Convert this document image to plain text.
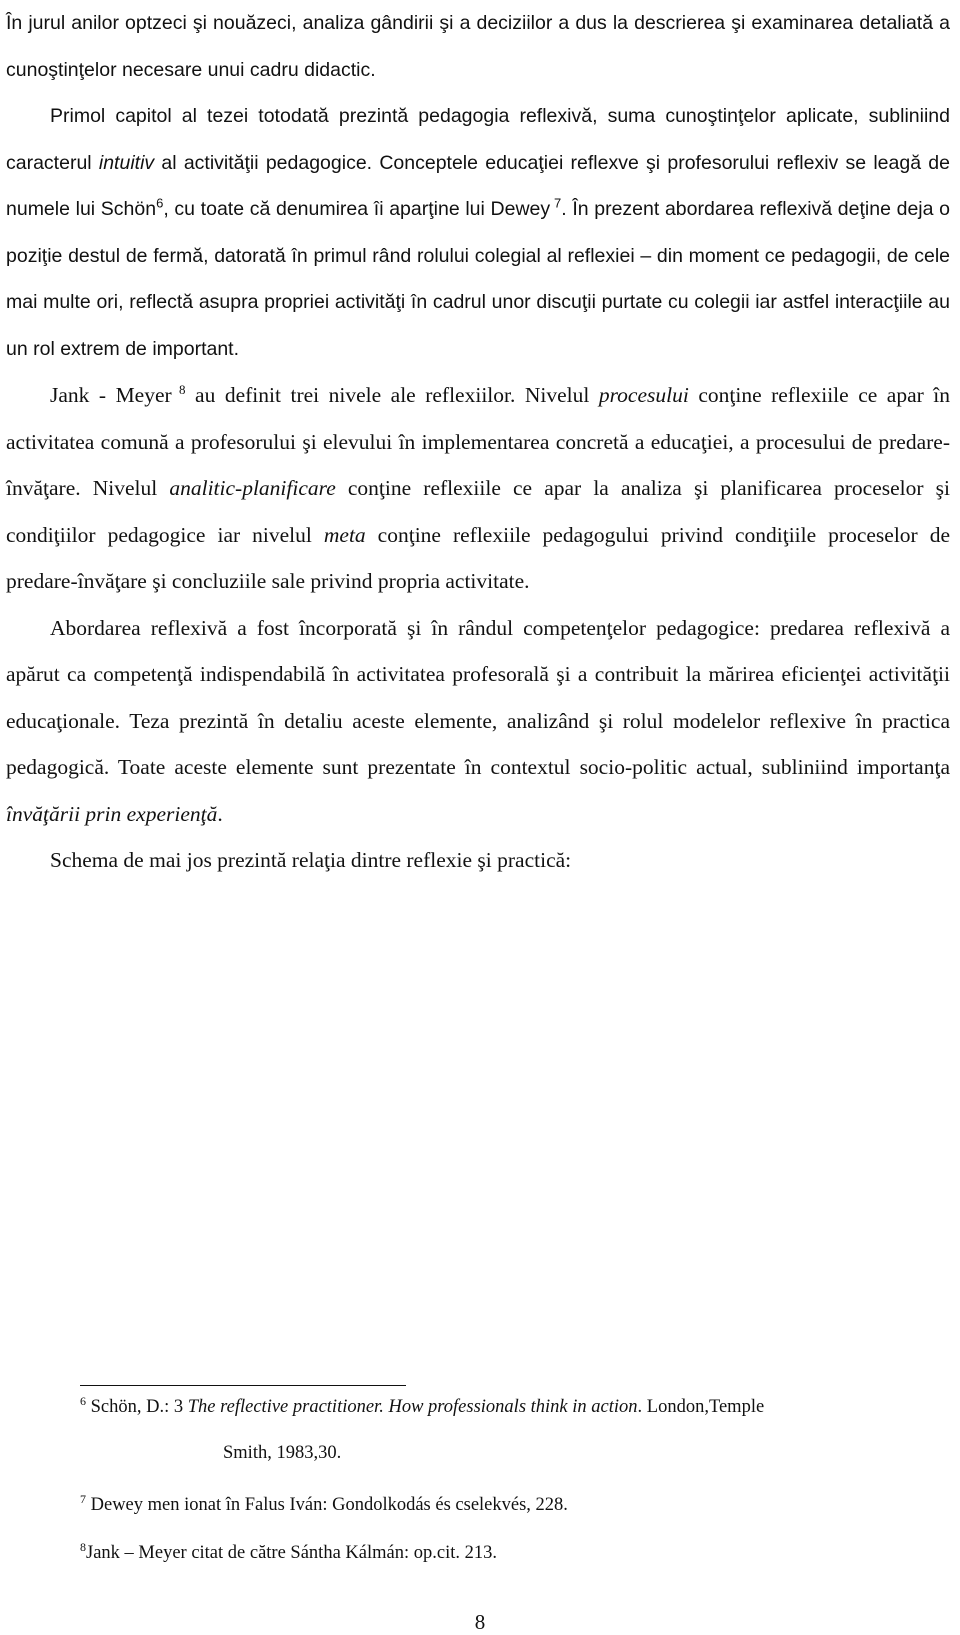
În jurul anilor optzeci şi nouăzeci, analiza gândirii şi a deciziilor a dus la descrierea şi examinarea detaliată a cunoştinţelor necesare unui cadru didactic.

Primol capitol al tezei totodată prezintă pedagogia reflexivă, suma cunoştinţelor aplicate, subliniind caracterul intuitiv al activităţii pedagogice. Conceptele educaţiei reflexve şi profesorului reflexiv se leagă de numele lui Schön$^6$, cu toate că denumirea îi aparţine lui Dewey $^7$. În prezent abordarea reflexivă deţine deja o poziţie destul de fermă, datorată în primul rând rolului colegial al reflexiei – din moment ce pedagogii, de cele mai multe ori, reflectă asupra propriei activităţi în cadrul unor discuţii purtate cu colegii iar astfel interacţiile au un rol extrem de important.

Jank - Meyer $^8$ au definit trei nivele ale reflexiilor. Nivelul procesului conţine reflexiile ce apar în activitatea comună a profesorului şi elevului în implementarea concretă a educaţiei, a procesului de predare-învăţare. Nivelul analitic-planificare conţine reflexiile ce apar la analiza şi planificarea proceselor şi condiţiilor pedagogice iar nivelul meta conţine reflexiile pedagogului privind condiţiile proceselor de predare-învăţare şi concluziile sale privind propria activitate.

Abordarea reflexivă a fost încorporată şi în rândul competenţelor pedagogice: predarea reflexivă a apărut ca competenţă indispendabilă în activitatea profesorală şi a contribuit la mărirea eficienţei activităţii educaţionale. Teza prezintă în detaliu aceste elemente, analizând şi rolul modelelor reflexive în practica pedagogică. Toate aceste elemente sunt prezentate în contextul socio-politic actual, subliniind importanţa învăţării prin experienţă.

Schema de mai jos prezintă relaţia dintre reflexie şi practică:

$^6$ Schön, D.: 3 The reflective practitioner. How professionals think in action. London,Temple

Smith, 1983,30.

$^7$ Dewey men ionat în Falus Iván: Gondolkodás és cselekvés, 228.

$^8$Jank – Meyer citat de către Sántha Kálmán: op.cit. 213.

8
